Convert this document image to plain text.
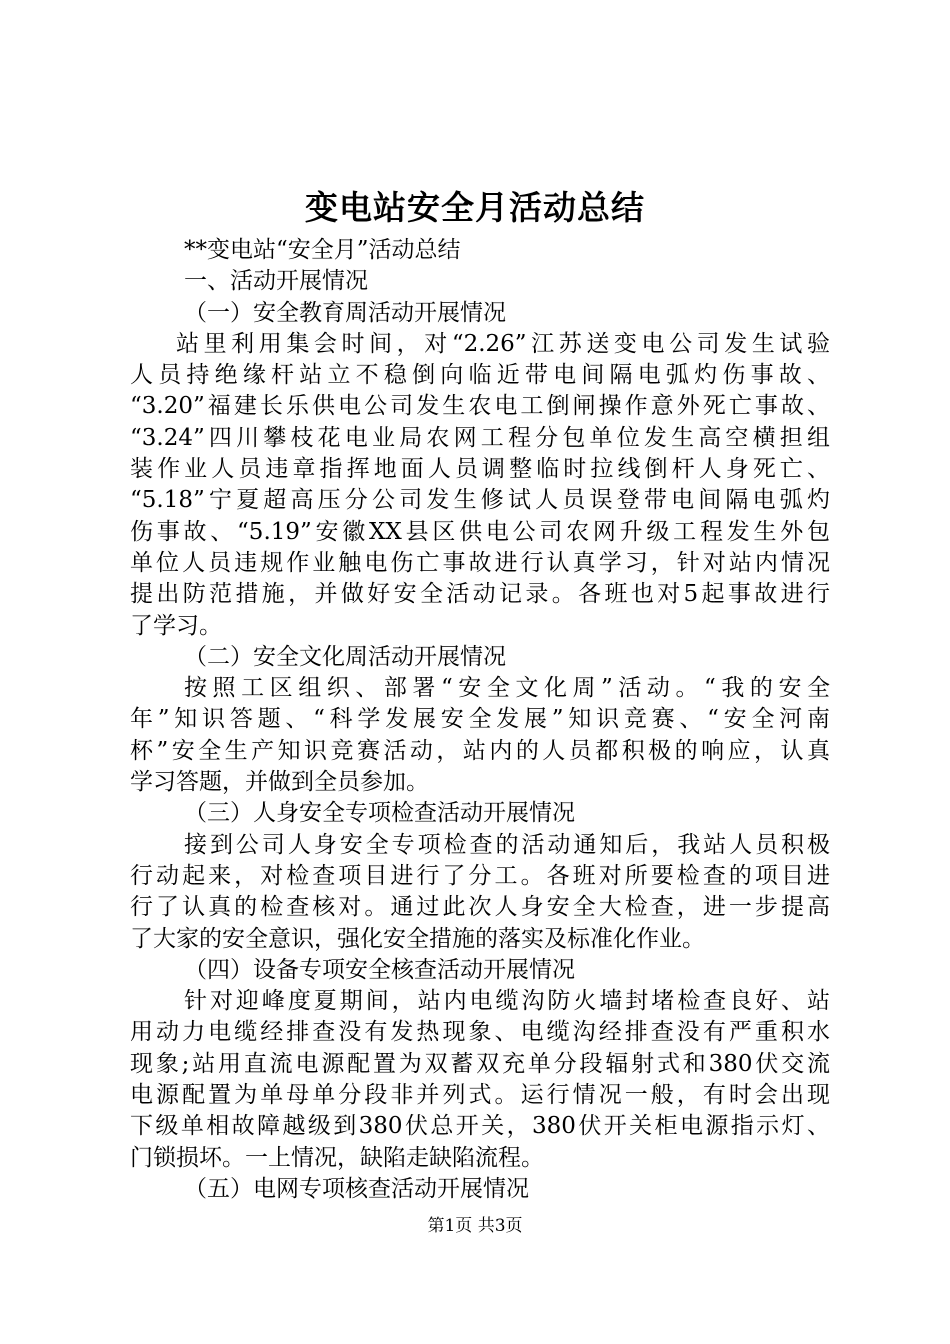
变电站安全月活动总结
**变电站“安全月”活动总结
一、活动开展情况
（一）安全教育周活动开展情况
站里利用集会时间，对“2.26”江苏送变电公司发生试验
人员持绝缘杆站立不稳倒向临近带电间隔电弧灼伤事故、
“3.20”福建长乐供电公司发生农电工倒闸操作意外死亡事故、
“3.24”四川攀枝花电业局农网工程分包单位发生高空横担组
装作业人员违章指挥地面人员调整临时拉线倒杆人身死亡、
“5.18”宁夏超高压分公司发生修试人员误登带电间隔电弧灼
伤事故、“5.19”安徽XX县区供电公司农网升级工程发生外包
单位人员违规作业触电伤亡事故进行认真学习，针对站内情况
提出防范措施，并做好安全活动记录。各班也对5起事故进行
了学习。
（二）安全文化周活动开展情况
按照工区组织、部署“安全文化周”活动。“我的安全
年”知识答题、“科学发展安全发展”知识竞赛、“安全河南
杯”安全生产知识竞赛活动，站内的人员都积极的响应，认真
学习答题，并做到全员参加。
（三）人身安全专项检查活动开展情况
接到公司人身安全专项检查的活动通知后，我站人员积极
行动起来，对检查项目进行了分工。各班对所要检查的项目进
行了认真的检查核对。通过此次人身安全大检查，进一步提高
了大家的安全意识，强化安全措施的落实及标准化作业。
（四）设备专项安全核查活动开展情况
针对迎峰度夏期间，站内电缆沟防火墙封堵检查良好、站
用动力电缆经排查没有发热现象、电缆沟经排查没有严重积水
现象;站用直流电源配置为双蓄双充单分段辐射式和380伏交流
电源配置为单母单分段非并列式。运行情况一般，有时会出现
下级单相故障越级到380伏总开关，380伏开关柜电源指示灯、
门锁损坏。一上情况，缺陷走缺陷流程。
（五）电网专项核查活动开展情况
第1页 共3页
